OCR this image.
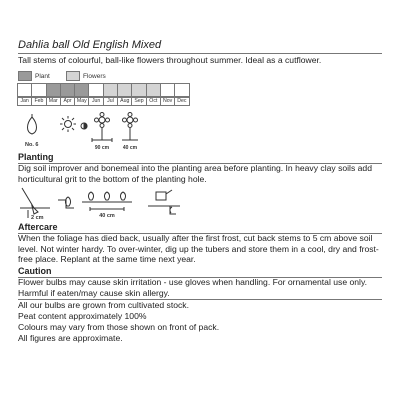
Dahlia ball Old English Mixed

Tall stems of colourful, ball-like flowers throughout summer. Ideal as a cutflower.

Plant	Flowers
Jan	Feb	Mar	Apr	May	Jun	Jul	Aug Sep	Oct	Nov Dec
No. 6	90 cm	40 cm
Planting

Dig soil improver and bonemeal into the planting area before planting. In heavy clay soils add horticultural grit to the bottom of the planting hole.

2 cm	40 cm
Aftercare

When the foliage has died back, usually after the first frost, cut back stems to 5 cm above soil level. Not winter hardy. To over-winter, dig up the tubers and store them in a cool, dry and frost-free place. Replant at the same time next year.

Caution

Flower bulbs may cause skin irritation - use gloves when handling. For ornamental use only. Harmful if eaten/may cause skin allergy.

All our bulbs are grown from cultivated stock.
Peat content approximately 100%
Colours may vary from those shown on front of pack.
All figures are approximate.
